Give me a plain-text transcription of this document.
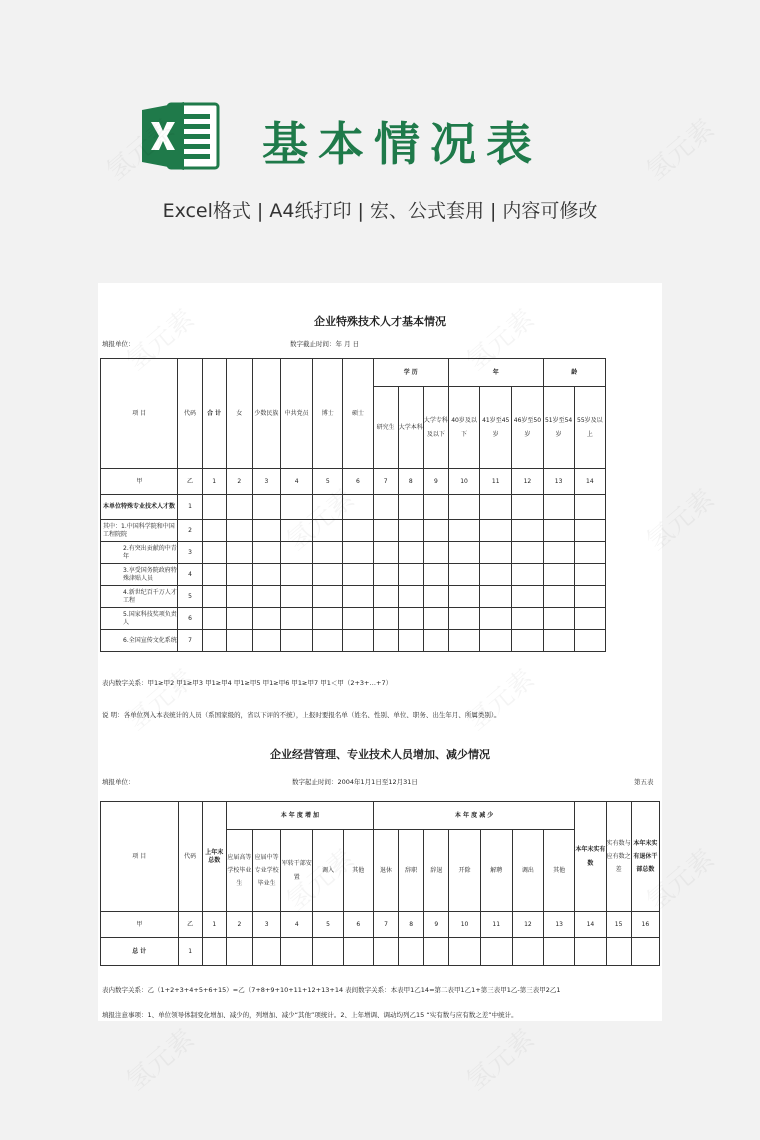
基本情况表
Excel格式 | A4纸打印 | 宏、公式套用 | 内容可修改
企业特殊技术人才基本情况
填报单位：	数字截止时间：年 月 日
项 目	代码	合 计	女	少数民族	中共党员	博士	硕士	学 历			年			龄	
								研究生	大学本科	大学专科及以下	40岁及以下	41岁至45岁	46岁至50岁	51岁至54岁	55岁及以上
甲	乙	1	2	3	4	5	6	7	8	9	10	11	12	13	14
本单位特殊专业技术人才数	1														
其中：1.中国科学院和中国工程院院	2														
2.有突出贡献的中青年	3														
3.享受国务院政府特殊津贴人员	4														
4.新世纪百千万人才工程	5														
5.国家科技奖项负责人	6														
6.全国宣传文化系统	7														
表内数字关系：甲1≥甲2 甲1≥甲3 甲1≥甲4 甲1≥甲5 甲1≥甲6 甲1≥甲7 甲1＜甲（2+3+…+7）
说 明：各单位列入本表统计的人员（系国家级的，省以下评的不统），上报时要报名单（姓名、性别、单位、职务、出生年月、所属类别）。
企业经营管理、专业技术人员增加、减少情况
填报单位：	数字起止时间：2004年1月1日至12月31日	第五表
项 目	代码	上年末总数	本 年 度 增 加					本 年 度 减 少							本年末实有数	实有数与应有数之差	本年末实有退休干部总数
			应届高等学校毕业生	应届中等专业学校毕业生	军转干部安置	调入	其他	退休	辞职	辞退	开除	解聘	调出	其他			
甲	乙	1	2	3	4	5	6	7	8	9	10	11	12	13	14	15	16
总 计	1																
表内数字关系：乙（1+2+3+4+5+6+15）=乙（7+8+9+10+11+12+13+14 表间数字关系：本表甲1乙14=第二表甲1乙1+第三表甲1乙-第三表甲2乙1
填报注意事项：1、单位领导体制变化增加、减少的，列增加、减少“其他”项统计。2、上年增调、调动均列乙15 “实有数与应有数之差”中统计。
